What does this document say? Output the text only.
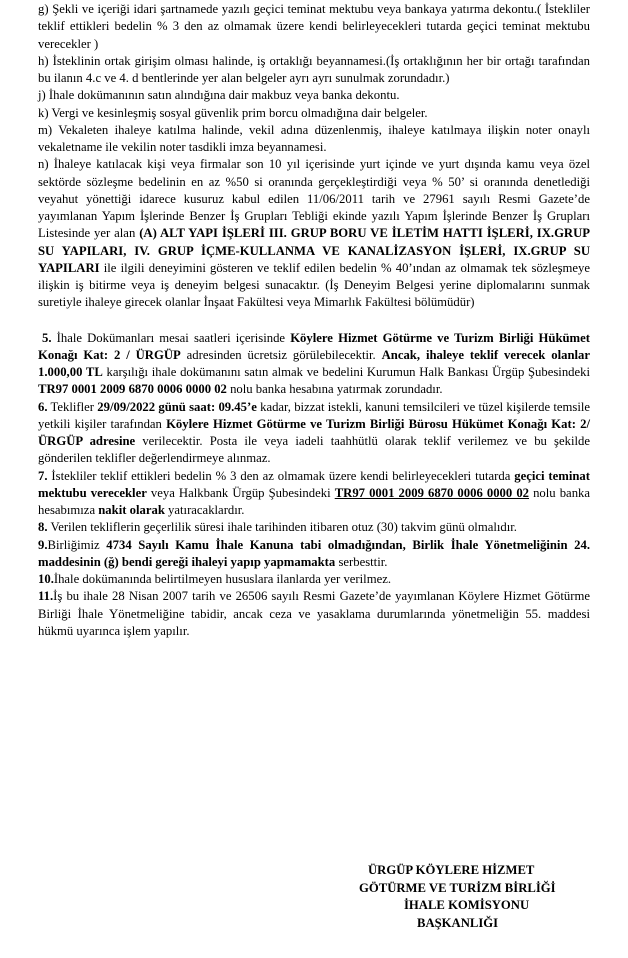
g) Şekli ve içeriği idari şartnamede yazılı geçici teminat mektubu veya bankaya yatırma dekontu.( İstekliler teklif ettikleri bedelin % 3 den az olmamak üzere kendi belirleyecekleri tutarda geçici teminat mektubu verecekler )

h) İsteklinin ortak girişim olması halinde, iş ortaklığı beyannamesi.(İş ortaklığının her bir ortağı tarafından bu ilanın 4.c ve 4. d bentlerinde yer alan belgeler ayrı ayrı sunulmak zorundadır.)

j) İhale dokümanının satın alındığına dair makbuz veya banka dekontu.

k) Vergi ve kesinleşmiş sosyal güvenlik prim borcu olmadığına dair belgeler.

m) Vekaleten ihaleye katılma halinde, vekil adına düzenlenmiş, ihaleye katılmaya ilişkin noter onaylı vekaletname ile vekilin noter tasdikli imza beyannamesi.

n) İhaleye katılacak kişi veya firmalar son 10 yıl içerisinde yurt içinde ve yurt dışında kamu veya özel sektörde sözleşme bedelinin en az %50 si oranında gerçekleştirdiği veya % 50’ si oranında denetlediği veyahut yönettiği idarece kusuruz kabul edilen 11/06/2011 tarih ve 27961 sayılı Resmi Gazete’de yayımlanan Yapım İşlerinde Benzer İş Grupları Tebliği ekinde yazılı Yapım İşlerinde Benzer İş Grupları Listesinde yer alan (A) ALT YAPI İŞLERİ III. GRUP BORU VE İLETİM HATTI İŞLERİ, IX.GRUP SU YAPILARI, IV. GRUP İÇME-KULLANMA VE KANALİZASYON İŞLERİ, IX.GRUP SU YAPILARI ile ilgili deneyimini gösteren ve teklif edilen bedelin % 40’ından az olmamak tek sözleşmeye ilişkin iş bitirme veya iş deneyim belgesi sunacaktır. (İş Deneyim Belgesi yerine diplomalarını sunmak suretiyle ihaleye girecek olanlar İnşaat Fakültesi veya Mimarlık Fakültesi bölümüdür)

5. İhale Dokümanları mesai saatleri içerisinde Köylere Hizmet Götürme ve Turizm Birliği Hükümet Konağı Kat: 2 / ÜRGÜP adresinden ücretsiz görülebilecektir. Ancak, ihaleye teklif verecek olanlar 1.000,00 TL karşılığı ihale dokümanını satın almak ve bedelini Kurumun Halk Bankası Ürgüp Şubesindeki TR97 0001 2009 6870 0006 0000 02 nolu banka hesabına yatırmak zorundadır.

6. Teklifler 29/09/2022 günü saat: 09.45’e kadar, bizzat istekli, kanuni temsilcileri ve tüzel kişilerde temsile yetkili kişiler tarafından Köylere Hizmet Götürme ve Turizm Birliği Bürosu Hükümet Konağı Kat: 2/ÜRGÜP adresine verilecektir. Posta ile veya iadeli taahhütlü olarak teklif verilemez ve bu şekilde gönderilen teklifler değerlendirmeye alınmaz.

7. İstekliler teklif ettikleri bedelin % 3 den az olmamak üzere kendi belirleyecekleri tutarda geçici teminat mektubu verecekler veya Halkbank Ürgüp Şubesindeki TR97 0001 2009 6870 0006 0000 02 nolu banka hesabımıza nakit olarak yatıracaklardır.

8. Verilen tekliflerin geçerlilik süresi ihale tarihinden itibaren otuz (30) takvim günü olmalıdır.

9.Birliğimiz 4734 Sayılı Kamu İhale Kanuna tabi olmadığından, Birlik İhale Yönetmeliğinin 24. maddesinin (ğ) bendi gereği ihaleyi yapıp yapmamakta serbesttir.

10.İhale dokümanında belirtilmeyen hususlara ilanlarda yer verilmez.

11.İş bu ihale 28 Nisan 2007 tarih ve 26506 sayılı Resmi Gazete’de yayımlanan Köylere Hizmet Götürme Birliği İhale Yönetmeliğine tabidir, ancak ceza ve yasaklama durumlarında yönetmeliğin 55. maddesi hükmü uyarınca işlem yapılır.

ÜRGÜP KÖYLERE HİZMET
GÖTÜRME VE TURİZM BİRLİĞİ
İHALE KOMİSYONU
BAŞKANLIĞI
